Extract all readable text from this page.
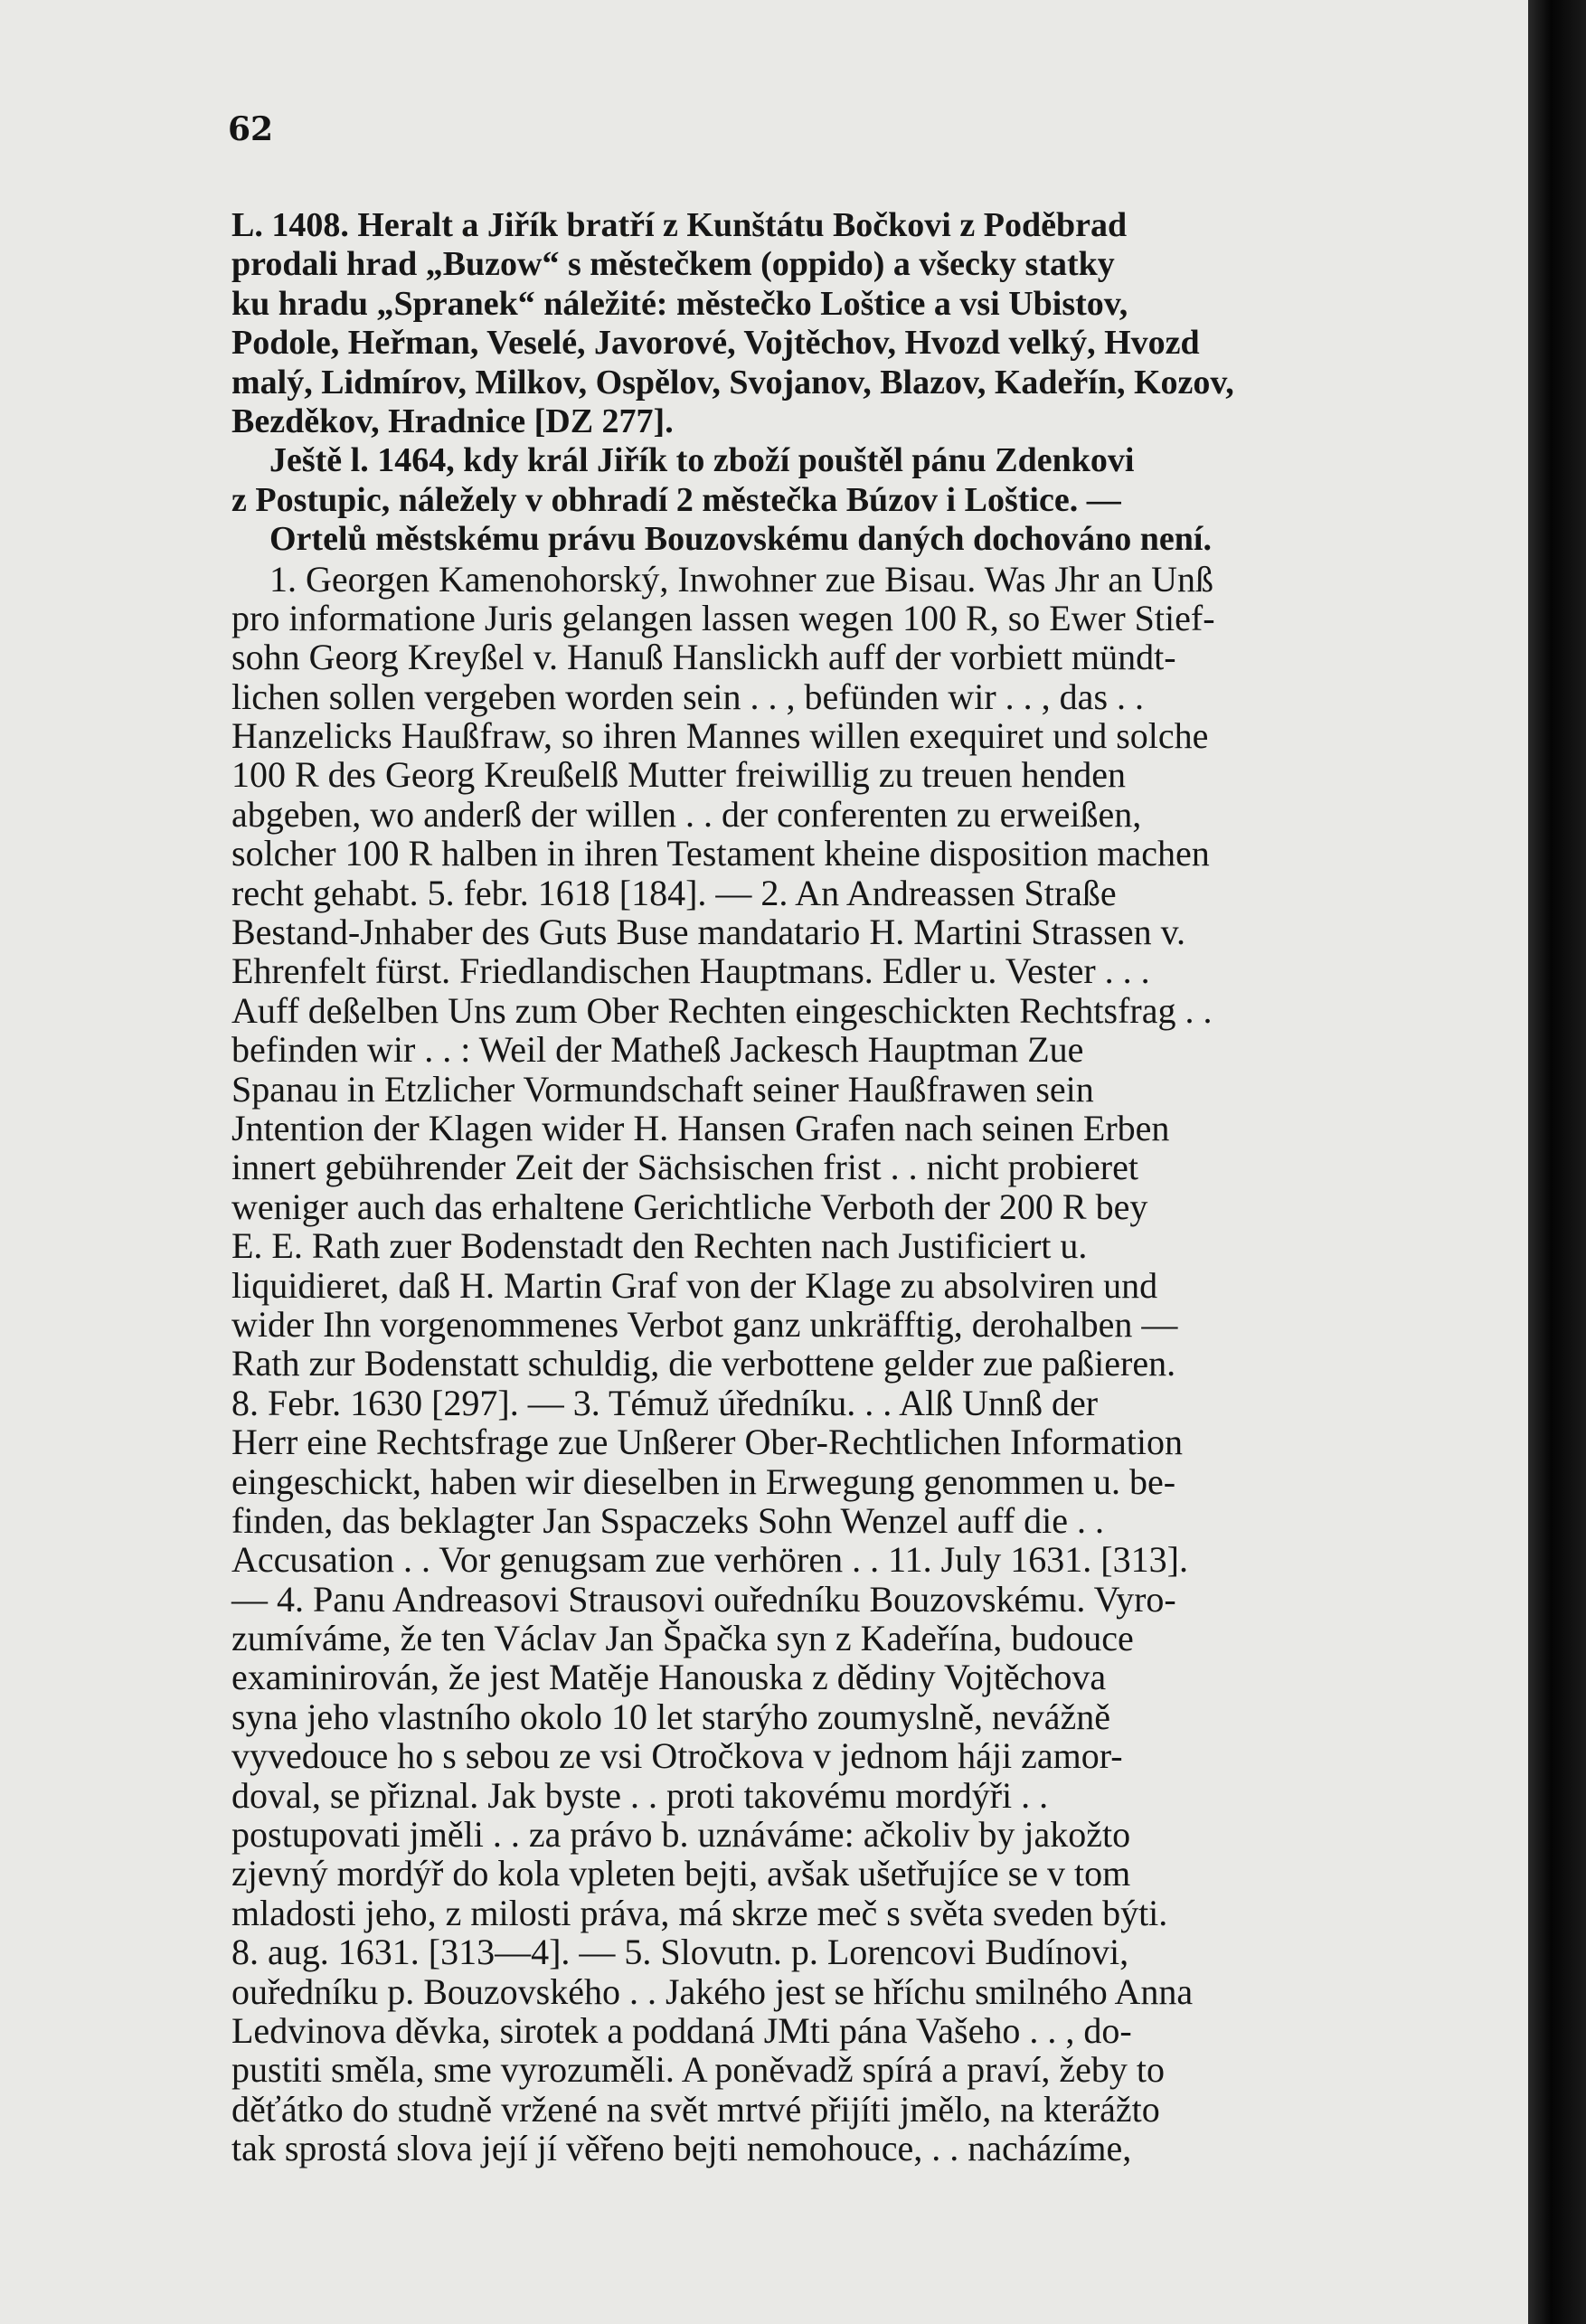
62
L. 1408. Heralt a Jiřík bratří z Kunštátu Bočkovi z Poděbrad
prodali hrad „Buzow“ s městečkem (oppido) a všecky statky
ku hradu „Spranek“ náležité: městečko Loštice a vsi Ubistov,
Podole, Heřman, Veselé, Javorové, Vojtěchov, Hvozd velký, Hvozd
malý, Lidmírov, Milkov, Ospělov, Svojanov, Blazov, Kadeřín, Kozov,
Bezděkov, Hradnice [DZ 277].
Ještě l. 1464, kdy král Jiřík to zboží pouštěl pánu Zdenkovi
z Postupic, náležely v obhradí 2 městečka Búzov i Loštice. —
Ortelů městskému právu Bouzovskému daných dochováno není.
1. Georgen Kamenohorský, Inwohner zue Bisau. Was Jhr an Unß
pro informatione Juris gelangen lassen wegen 100 R, so Ewer Stief-
sohn Georg Kreyßel v. Hanuß Hanslickh auff der vorbiett mündt-
lichen sollen vergeben worden sein . . , befünden wir . . , das . .
Hanzelicks Haußfraw, so ihren Mannes willen exequiret und solche
100 R des Georg Kreußelß Mutter freiwillig zu treuen henden
abgeben, wo anderß der willen . . der conferenten zu erweißen,
solcher 100 R halben in ihren Testament kheine disposition machen
recht gehabt. 5. febr. 1618 [184]. — 2. An Andreassen Straße
Bestand-Jnhaber des Guts Buse mandatario H. Martini Strassen v.
Ehrenfelt fürst. Friedlandischen Hauptmans. Edler u. Vester . . .
Auff deßelben Uns zum Ober Rechten eingeschickten Rechtsfrag . .
befinden wir . . : Weil der Matheß Jackesch Hauptman Zue
Spanau in Etzlicher Vormundschaft seiner Haußfrawen sein
Jntention der Klagen wider H. Hansen Grafen nach seinen Erben
innert gebührender Zeit der Sächsischen frist . . nicht probieret
weniger auch das erhaltene Gerichtliche Verboth der 200 R bey
E. E. Rath zuer Bodenstadt den Rechten nach Justificiert u.
liquidieret, daß H. Martin Graf von der Klage zu absolviren und
wider Ihn vorgenommenes Verbot ganz unkräfftig, derohalben —
Rath zur Bodenstatt schuldig, die verbottene gelder zue paßieren.
8. Febr. 1630 [297]. — 3. Témuž úředníku. . . Alß Unnß der
Herr eine Rechtsfrage zue Unßerer Ober-Rechtlichen Information
eingeschickt, haben wir dieselben in Erwegung genommen u. be-
finden, das beklagter Jan Sspaczeks Sohn Wenzel auff die . .
Accusation . . Vor genugsam zue verhören . . 11. July 1631. [313].
— 4. Panu Andreasovi Strausovi ouředníku Bouzovskému. Vyro-
zumíváme, že ten Václav Jan Špačka syn z Kadeřína, budouce
examinirován, že jest Matěje Hanouska z dědiny Vojtěchova
syna jeho vlastního okolo 10 let starýho zoumyslně, nevážně
vyvedouce ho s sebou ze vsi Otročkova v jednom háji zamor-
doval, se přiznal. Jak byste . . proti takovému mordýři . .
postupovati jměli . . za právo b. uznáváme: ačkoliv by jakožto
zjevný mordýř do kola vpleten bejti, avšak ušetřujíce se v tom
mladosti jeho, z milosti práva, má skrze meč s světa sveden býti.
8. aug. 1631. [313—4]. — 5. Slovutn. p. Lorencovi Budínovi,
ouředníku p. Bouzovského . . Jakého jest se hříchu smilného Anna
Ledvinova děvka, sirotek a poddaná JMti pána Vašeho . . , do-
pustiti směla, sme vyrozuměli. A poněvadž spírá a praví, žeby to
děťátko do studně vržené na svět mrtvé přijíti jmělo, na kterážto
tak sprostá slova její jí věřeno bejti nemohouce, . . nacházíme,
